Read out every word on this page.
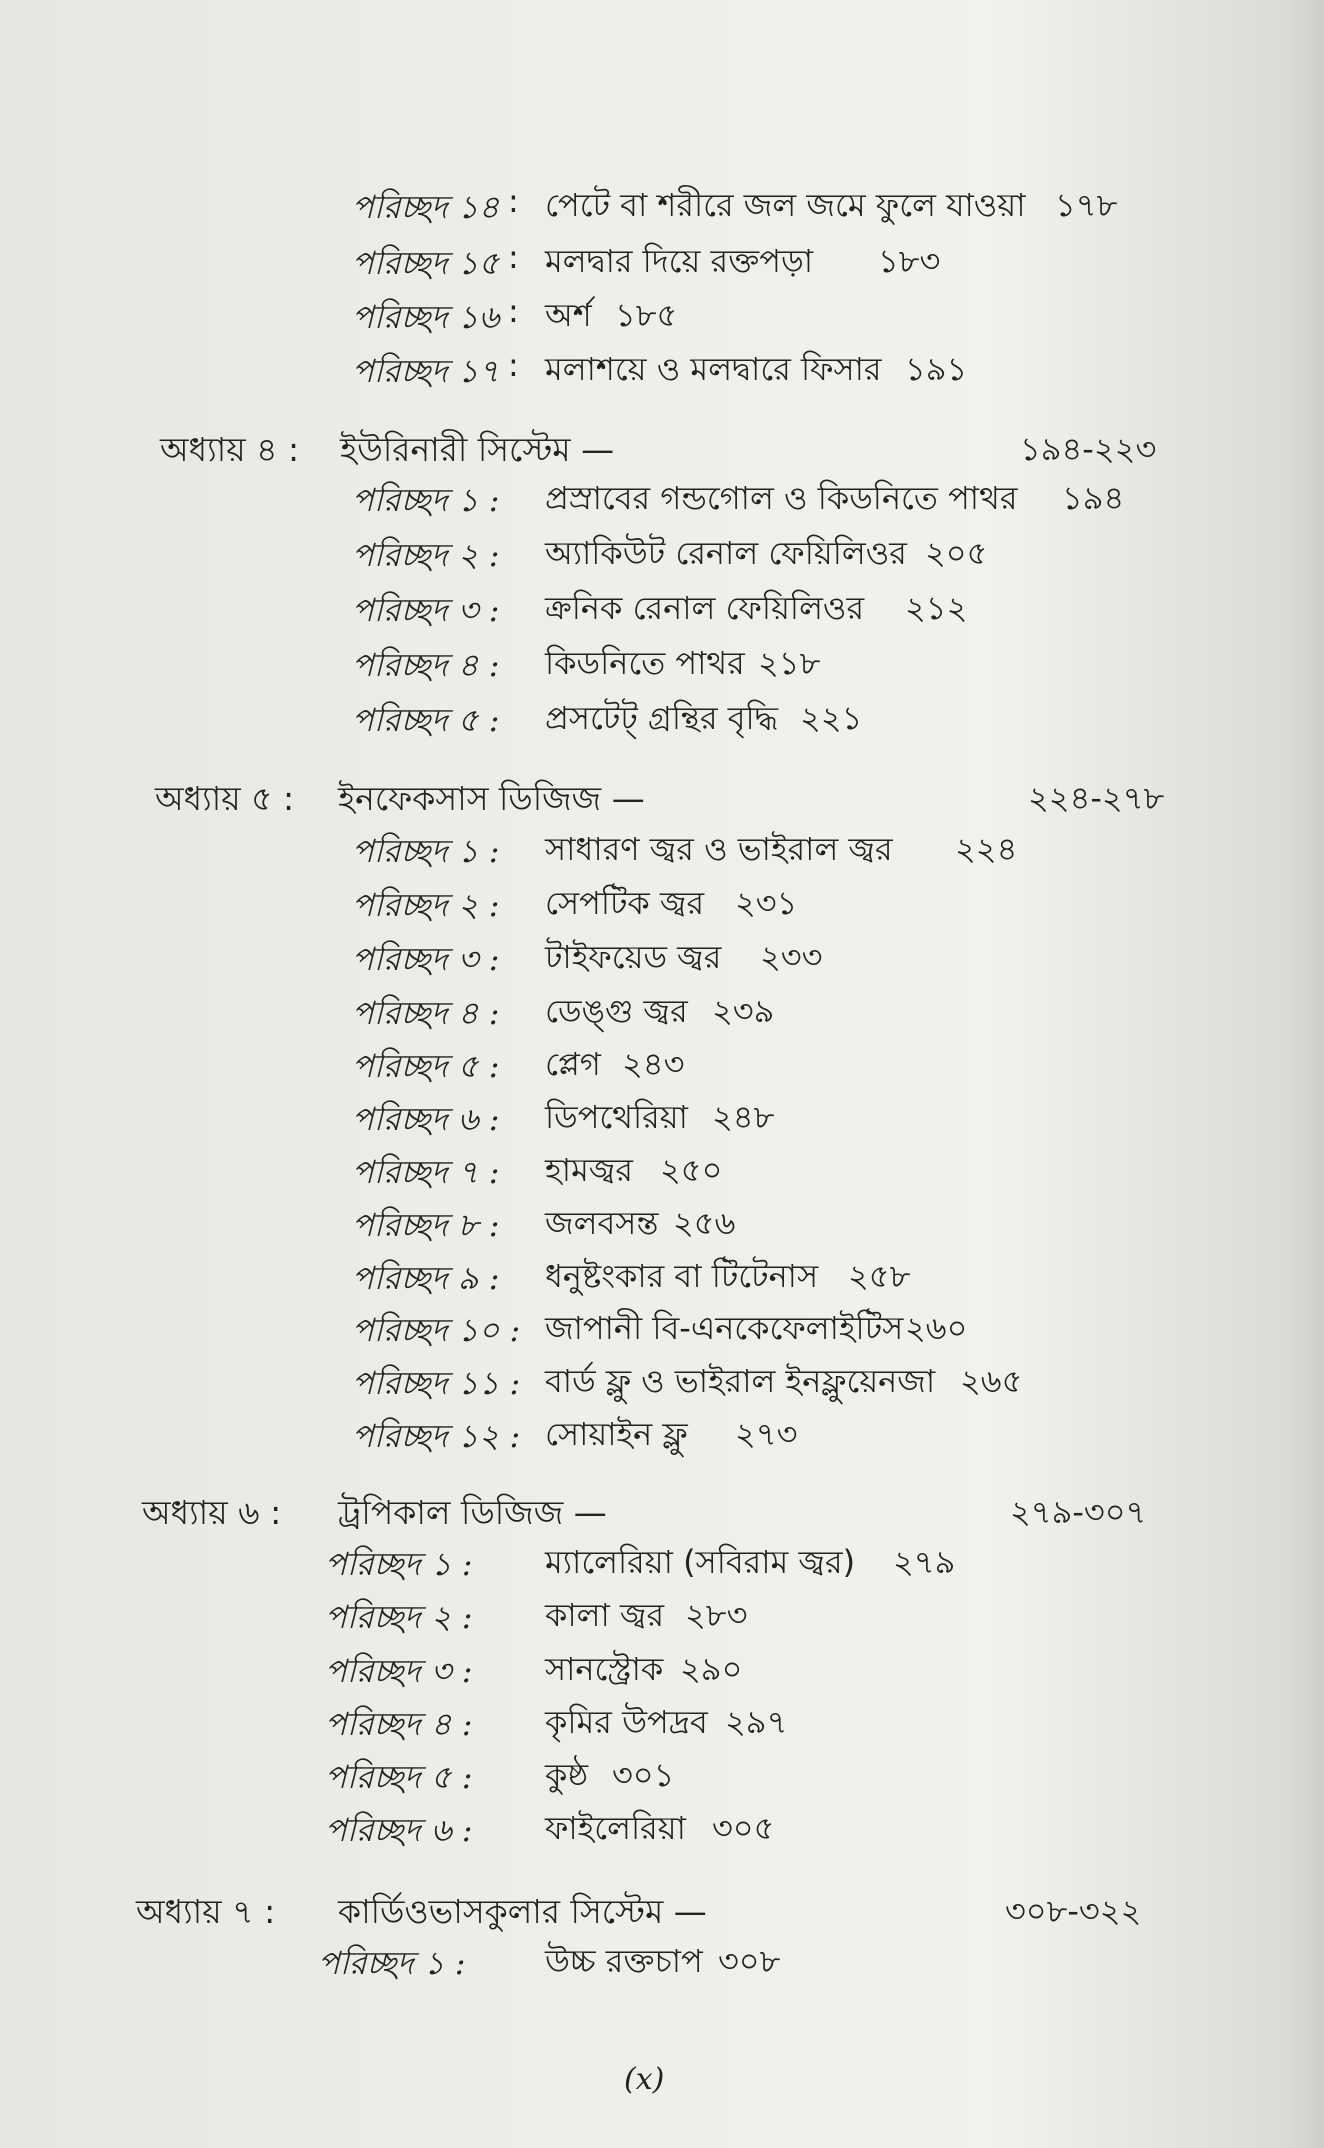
পরিচ্ছদ ১৪ : পেটে বা শরীরে জল জমে ফুলে যাওয়া ১৭৮
পরিচ্ছদ ১৫ : মলদ্বার দিয়ে রক্তপড়া ১৮৩
পরিচ্ছদ ১৬ : অর্শ ১৮৫
পরিচ্ছদ ১৭ : মলাশয়ে ও মলদ্বারে ফিসার ১৯১
অধ্যায় ৪ : ইউরিনারী সিস্টেম —	১৯৪-২২৩
পরিচ্ছদ ১ : প্রস্রাবের গন্ডগোল ও কিডনিতে পাথর ১৯৪
পরিচ্ছদ ২ : অ্যাকিউট রেনাল ফেয়িলিওর ২০৫
পরিচ্ছদ ৩ : ক্রনিক রেনাল ফেয়িলিওর ২১২
পরিচ্ছদ ৪ : কিডনিতে পাথর ২১৮
পরিচ্ছদ ৫ : প্রসটেট্ গ্রন্থির বৃদ্ধি ২২১
অধ্যায় ৫ : ইনফেকসাস ডিজিজ —	২২৪-২৭৮
পরিচ্ছদ ১ : সাধারণ জ্বর ও ভাইরাল জ্বর ২২৪
পরিচ্ছদ ২ : সেপটিক জ্বর ২৩১
পরিচ্ছদ ৩ : টাইফয়েড জ্বর ২৩৩
পরিচ্ছদ ৪ : ডেঙ্গু জ্বর ২৩৯
পরিচ্ছদ ৫ : প্লেগ ২৪৩
পরিচ্ছদ ৬ : ডিপথেরিয়া ২৪৮
পরিচ্ছদ ৭ : হামজ্বর ২৫০
পরিচ্ছদ ৮ : জলবসন্ত ২৫৬
পরিচ্ছদ ৯ : ধনুষ্টংকার বা টিটেনাস ২৫৮
পরিচ্ছদ ১০ : জাপানী বি-এনকেফেলাইটিস ২৬০
পরিচ্ছদ ১১ : বার্ড ফ্লু ও ভাইরাল ইনফ্লুয়েনজা ২৬৫
পরিচ্ছদ ১২ : সোয়াইন ফ্লু ২৭৩
অধ্যায় ৬ : ট্রপিকাল ডিজিজ —	২৭৯-৩০৭
পরিচ্ছদ ১ : ম্যালেরিয়া (সবিরাম জ্বর) ২৭৯
পরিচ্ছদ ২ : কালা জ্বর ২৮৩
পরিচ্ছদ ৩ : সানস্ট্রোক ২৯০
পরিচ্ছদ ৪ : কৃমির উপদ্রব ২৯৭
পরিচ্ছদ ৫ : কুষ্ঠ ৩০১
পরিচ্ছদ ৬ : ফাইলেরিয়া ৩০৫
অধ্যায় ৭ : কার্ডিওভাসকুলার সিস্টেম —	৩০৮-৩২২
পরিচ্ছদ ১ : উচ্চ রক্তচাপ ৩০৮
(x)
